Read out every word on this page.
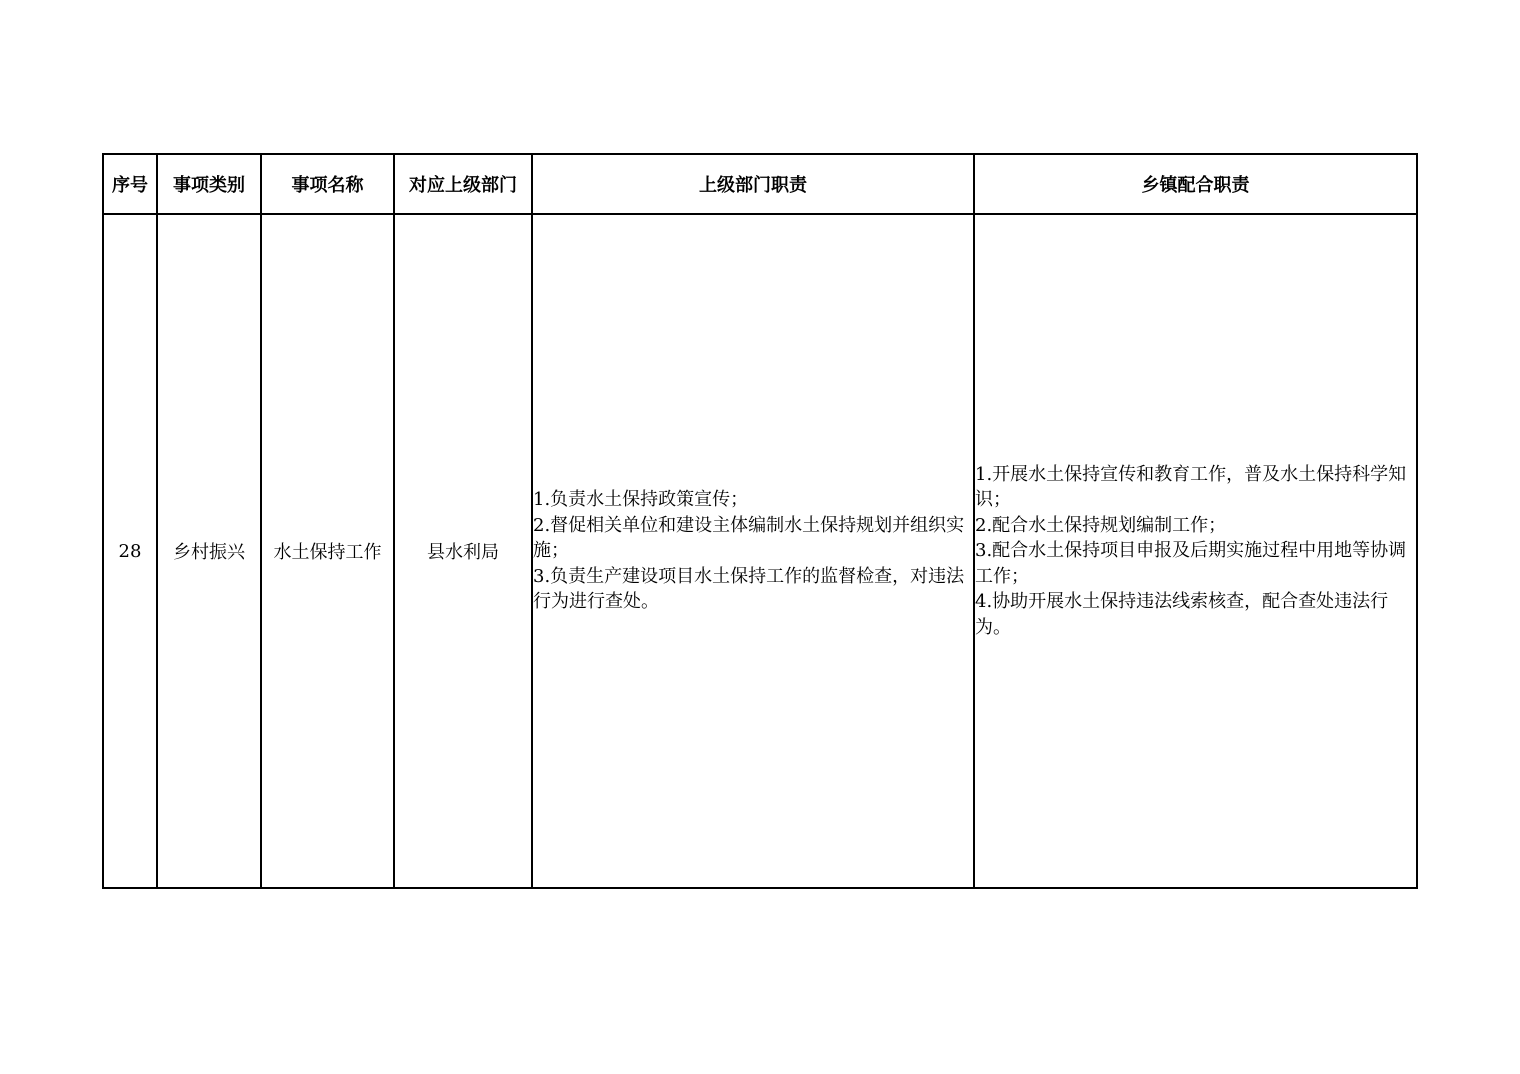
序号	事项类别	事项名称	对应上级部门	上级部门职责	乡镇配合职责
28	乡村振兴	水土保持工作	县水利局	1.负责水土保持政策宣传；
2.督促相关单位和建设主体编制水土保持规划并组织实施；
3.负责生产建设项目水土保持工作的监督检查，对违法行为进行查处。	1.开展水土保持宣传和教育工作，普及水土保持科学知识；
2.配合水土保持规划编制工作；
3.配合水土保持项目申报及后期实施过程中用地等协调工作；
4.协助开展水土保持违法线索核查，配合查处违法行为。
